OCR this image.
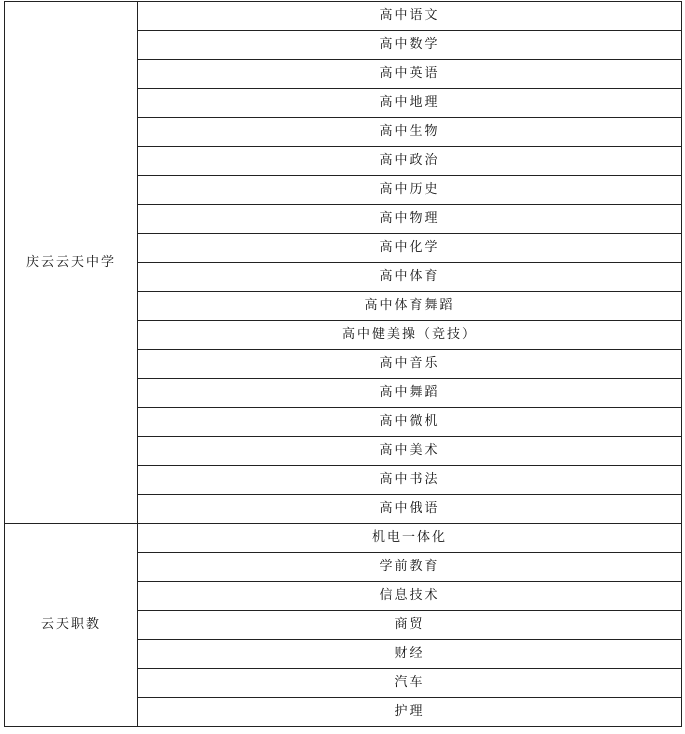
庆云云天中学	高中语文
	高中数学
	高中英语
	高中地理
	高中生物
	高中政治
	高中历史
	高中物理
	高中化学
	高中体育
	高中体育舞蹈
	高中健美操（竞技）
	高中音乐
	高中舞蹈
	高中微机
	高中美术
	高中书法
	高中俄语
云天职教	机电一体化
	学前教育
	信息技术
	商贸
	财经
	汽车
	护理
